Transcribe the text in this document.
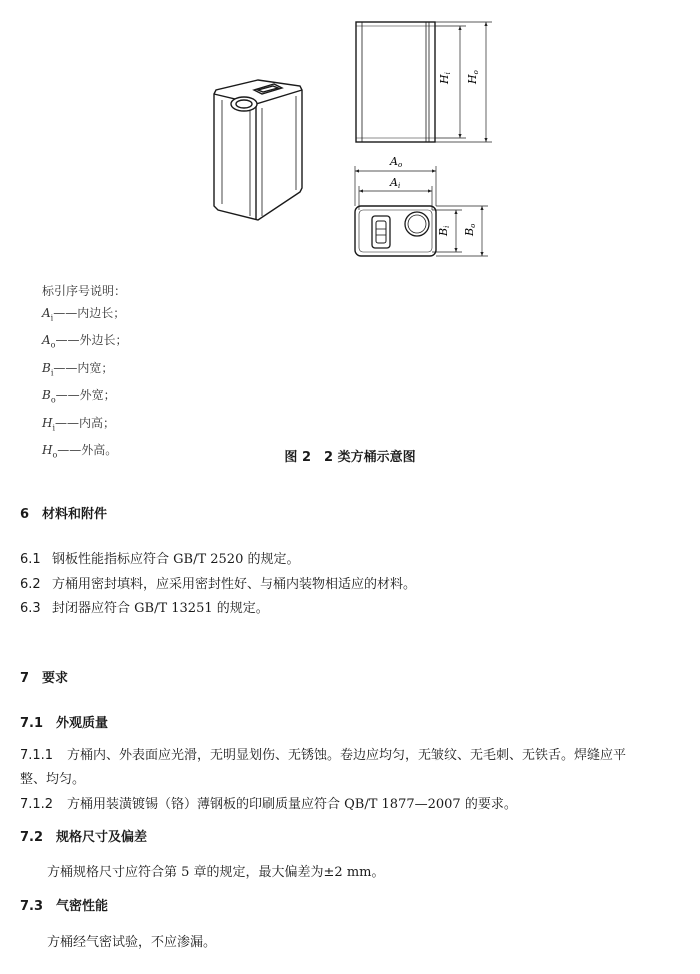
Hi
Ho
Ao
Ai
Bi
Bo
标引序号说明：
$A_i——$内边长；
$A_o——$外边长；
$B_i——$内宽；
$B_o——$外宽；
$H_i——$内高；
$H_o——$外高。
图 2　2 类方桶示意图
6　材料和附件
6.1 钢板性能指标应符合 GB/T 2520 的规定。
6.2 方桶用密封填料，应采用密封性好、与桶内装物相适应的材料。
6.3 封闭器应符合 GB/T 13251 的规定。
7　要求
7.1　外观质量
7.1.1 方桶内、外表面应光滑，无明显划伤、无锈蚀。卷边应均匀，无皱纹、无毛刺、无铁舌。焊缝应平
整、均匀。
7.1.2 方桶用装潢镀锡（铬）薄钢板的印刷质量应符合 QB/T 1877—2007 的要求。
7.2　规格尺寸及偏差
方桶规格尺寸应符合第 5 章的规定，最大偏差为±2 mm。
7.3　气密性能
方桶经气密试验，不应渗漏。
